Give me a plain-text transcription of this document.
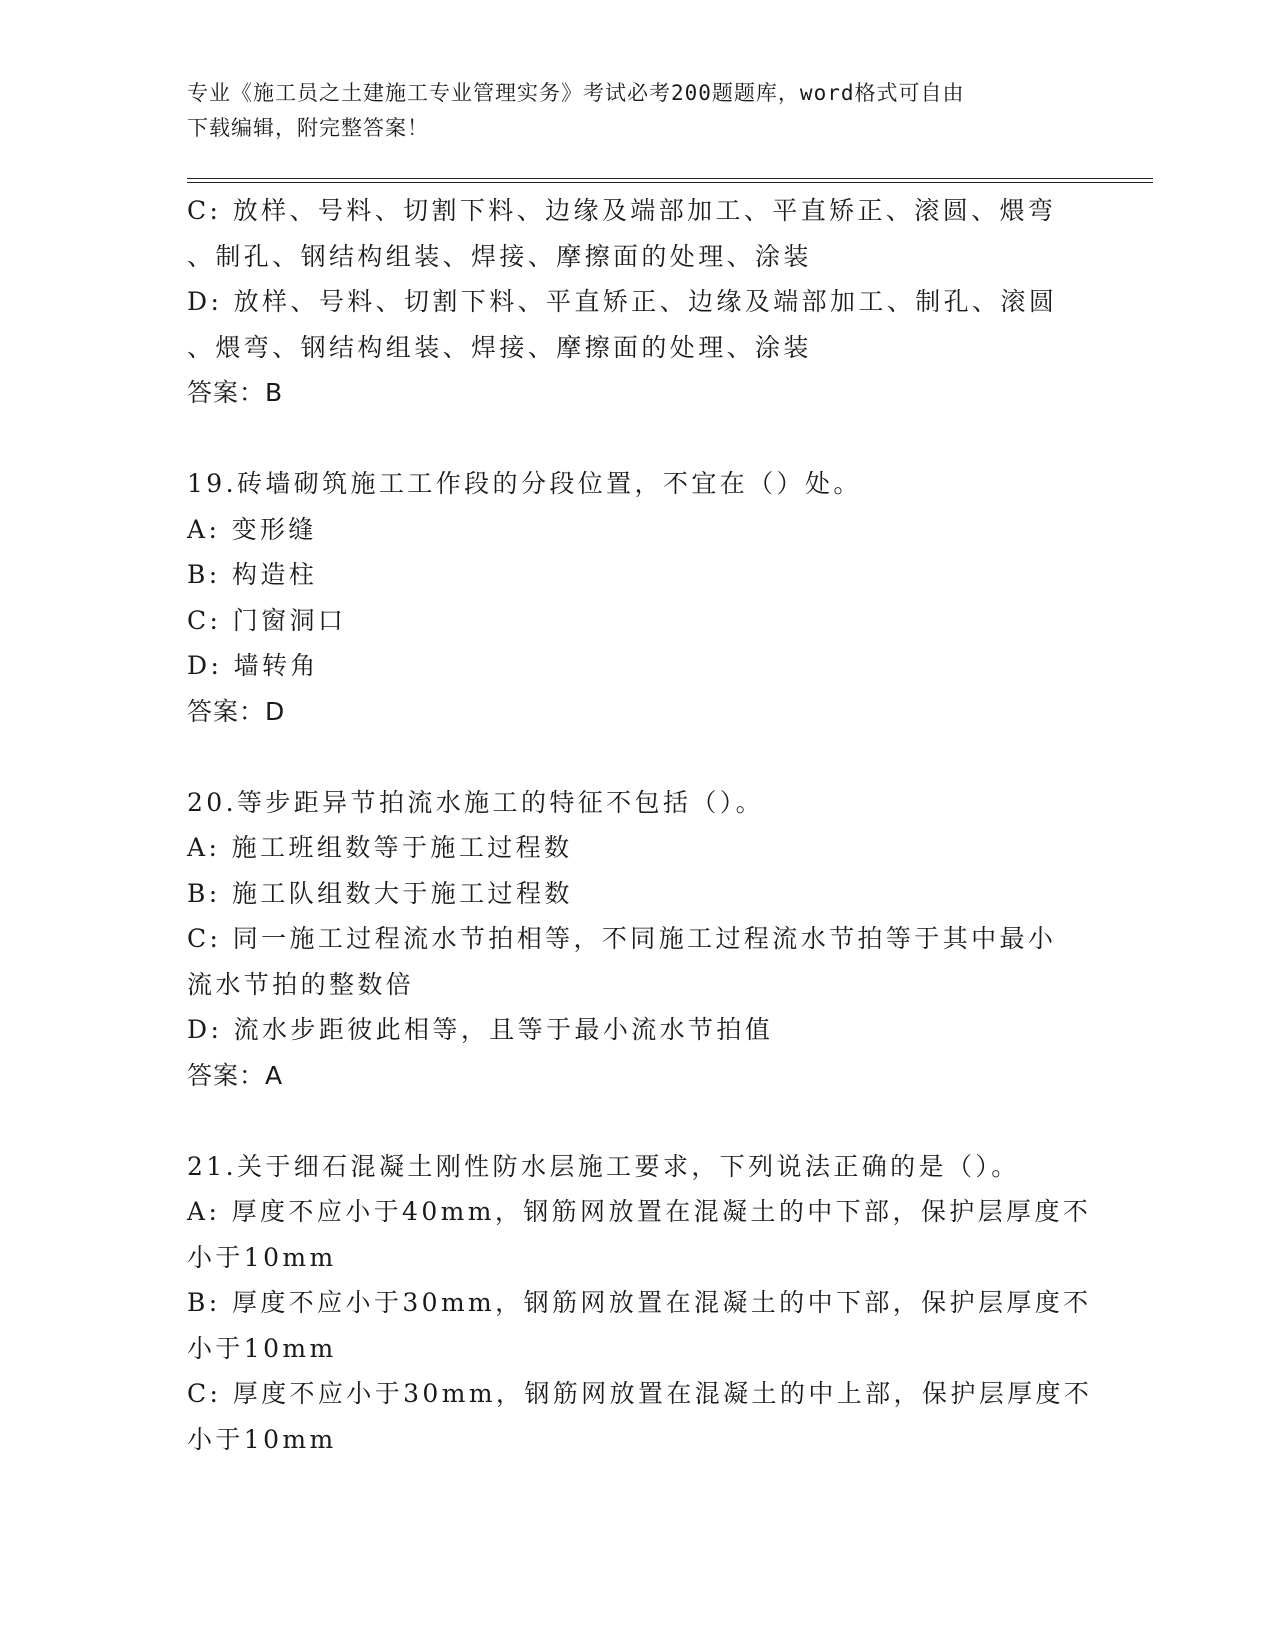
专业《施工员之土建施工专业管理实务》考试必考200题题库，word格式可自由
下载编辑，附完整答案！
C: 放样、号料、切割下料、边缘及端部加工、平直矫正、滚圆、煨弯
、制孔、钢结构组装、焊接、摩擦面的处理、涂装
D: 放样、号料、切割下料、平直矫正、边缘及端部加工、制孔、滚圆
、煨弯、钢结构组装、焊接、摩擦面的处理、涂装
答案：B
19.砖墙砌筑施工工作段的分段位置，不宜在（）处。
A: 变形缝
B: 构造柱
C: 门窗洞口
D: 墙转角
答案：D
20.等步距异节拍流水施工的特征不包括（）。
A: 施工班组数等于施工过程数
B: 施工队组数大于施工过程数
C: 同一施工过程流水节拍相等，不同施工过程流水节拍等于其中最小
流水节拍的整数倍
D: 流水步距彼此相等，且等于最小流水节拍值
答案：A
21.关于细石混凝土刚性防水层施工要求，下列说法正确的是（）。
A: 厚度不应小于40mm，钢筋网放置在混凝土的中下部，保护层厚度不
小于10mm
B: 厚度不应小于30mm，钢筋网放置在混凝土的中下部，保护层厚度不
小于10mm
C: 厚度不应小于30mm，钢筋网放置在混凝土的中上部，保护层厚度不
小于10mm
